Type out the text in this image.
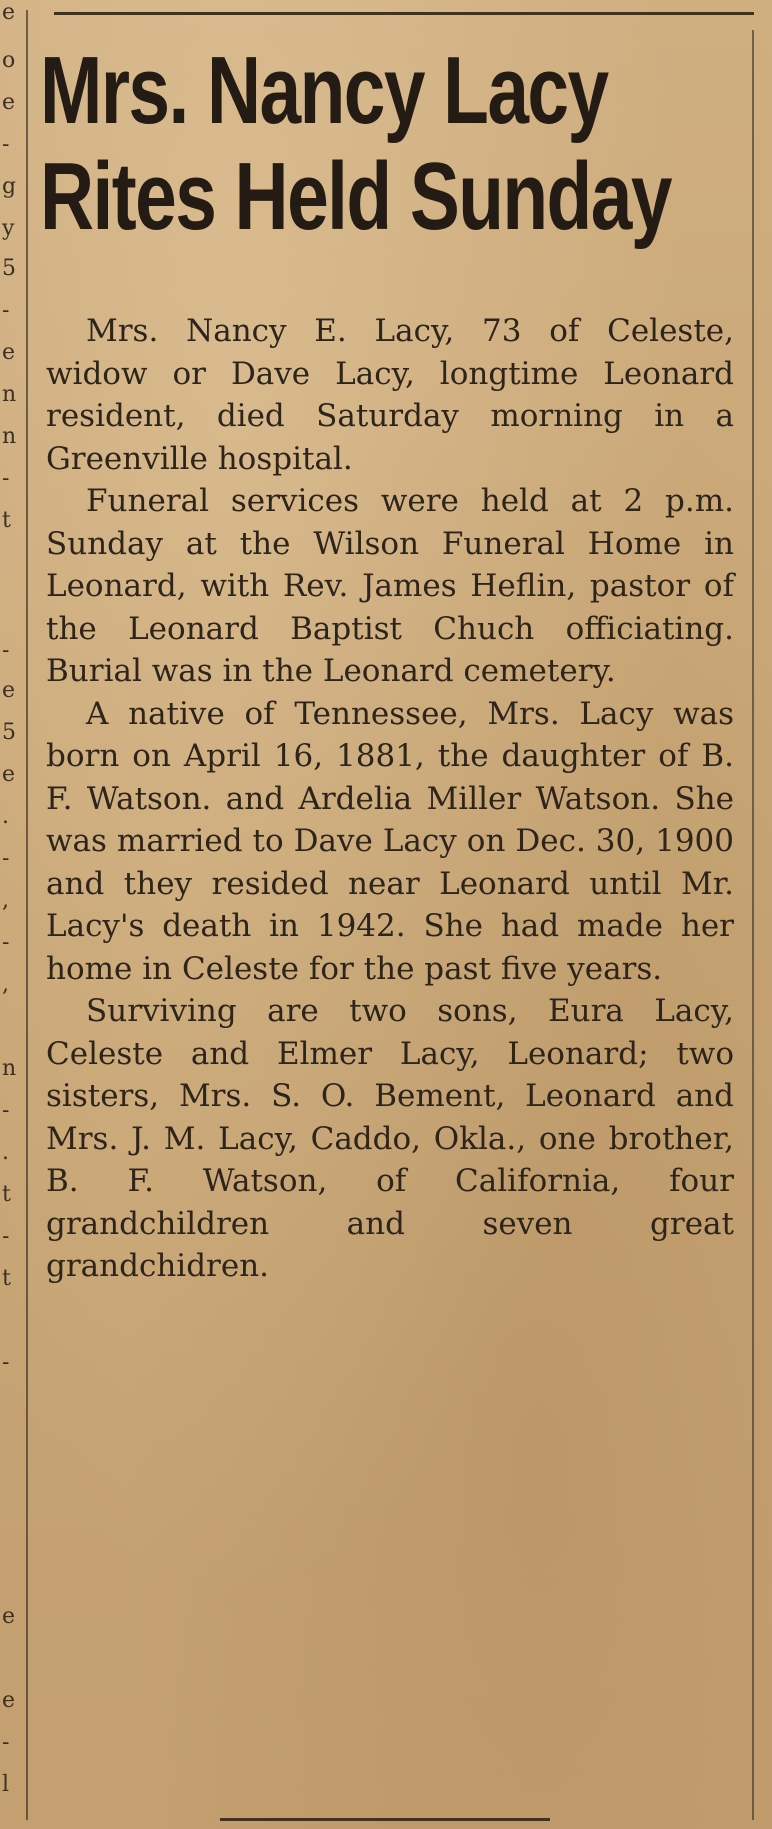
e
o
e
-
g
y
5
-
e
n
n
-
t
-
e
5
e
.
-
,
-
,
n
-
.
t
-
t
-
e
e
-
l
Mrs. Nancy Lacy
Rites Held Sunday

Mrs. Nancy E. Lacy, 73 of Celeste, widow or Dave Lacy, longtime Leonard resident, died Saturday morning in a Greenville hospital.

Funeral services were held at 2 p.m. Sunday at the Wilson Funeral Home in Leonard, with Rev. James Heflin, pastor of the Leonard Baptist Chuch officiating. Burial was in the Leonard cemetery.

A native of Tennessee, Mrs. Lacy was born on April 16, 1881, the daughter of B. F. Watson. and Ardelia Miller Watson. She was married to Dave Lacy on Dec. 30, 1900 and they resided near Leonard until Mr. Lacy's death in 1942. She had made her home in Celeste for the past five years.

Surviving are two sons, Eura Lacy, Celeste and Elmer Lacy, Leonard; two sisters, Mrs. S. O. Bement, Leonard and Mrs. J. M. Lacy, Caddo, Okla., one brother, B. F. Watson, of California, four grandchildren and seven great grandchidren.
